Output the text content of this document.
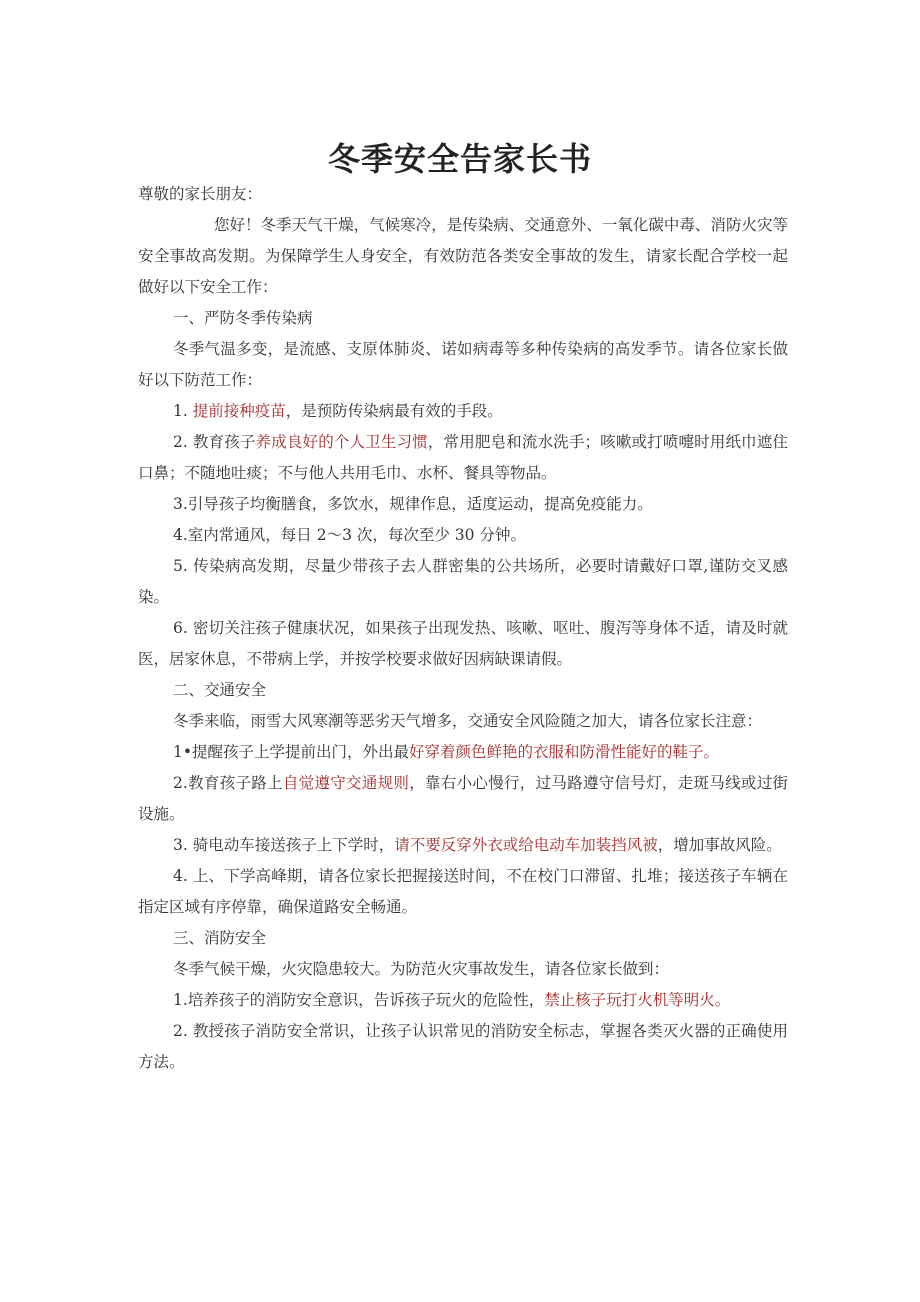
冬季安全告家长书

尊敬的家长朋友：

您好！冬季天气干燥，气候寒冷，是传染病、交通意外、一氧化碳中毒、消防火灾等安全事故高发期。为保障学生人身安全，有效防范各类安全事故的发生，请家长配合学校一起做好以下安全工作：

一、严防冬季传染病

冬季气温多变，是流感、支原体肺炎、诺如病毒等多种传染病的高发季节。请各位家长做好以下防范工作：

1. 提前接种疫苗，是预防传染病最有效的手段。

2. 教育孩子养成良好的个人卫生习惯，常用肥皂和流水洗手；咳嗽或打喷嚏时用纸巾遮住口鼻；不随地吐痰；不与他人共用毛巾、水杯、餐具等物品。

3.引导孩子均衡膳食，多饮水，规律作息，适度运动，提高免疫能力。

4.室内常通风，每日 2～3 次，每次至少 30 分钟。

5. 传染病高发期，尽量少带孩子去人群密集的公共场所，必要时请戴好口罩,谨防交叉感染。

6. 密切关注孩子健康状况，如果孩子出现发热、咳嗽、呕吐、腹泻等身体不适，请及时就医，居家休息，不带病上学，并按学校要求做好因病缺课请假。

二、交通安全

冬季来临，雨雪大风寒潮等恶劣天气增多，交通安全风险随之加大，请各位家长注意：

1•提醒孩子上学提前出门，外出最好穿着颜色鲜艳的衣服和防滑性能好的鞋子。

2.教育孩子路上自觉遵守交通规则，靠右小心慢行，过马路遵守信号灯，走斑马线或过街设施。

3. 骑电动车接送孩子上下学时，请不要反穿外衣或给电动车加装挡风被，增加事故风险。

4. 上、下学高峰期，请各位家长把握接送时间，不在校门口滞留、扎堆；接送孩子车辆在指定区域有序停靠，确保道路安全畅通。

三、消防安全

冬季气候干燥，火灾隐患较大。为防范火灾事故发生，请各位家长做到：

1.培养孩子的消防安全意识，告诉孩子玩火的危险性，禁止核子玩打火机等明火。

2. 教授孩子消防安全常识，让孩子认识常见的消防安全标志，掌握各类灭火器的正确使用方法。
